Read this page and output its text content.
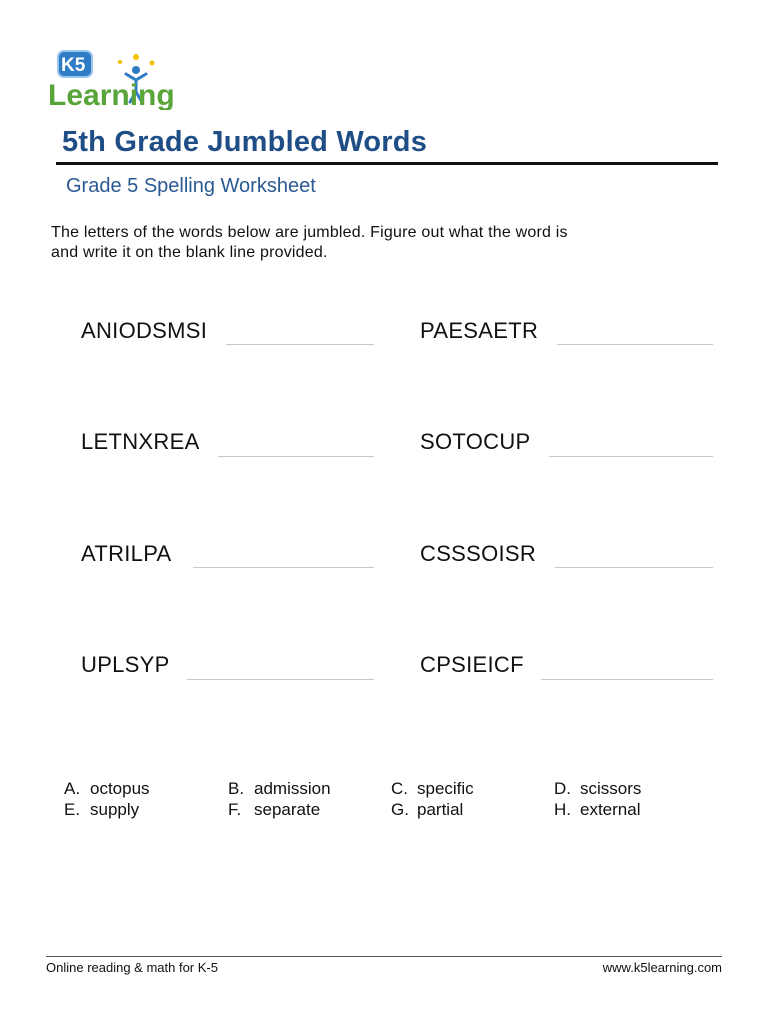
K5
Learning
5th Grade Jumbled Words
Grade 5 Spelling Worksheet
The letters of the words below are jumbled. Figure out what the word is
and write it on the blank line provided.
ANIODSMSI	PAESAETR
LETNXREA	SOTOCUP
ATRILPA	CSSSOISR
UPLSYP	CPSIEICF
A. octopus	B. admission	C. specific	D. scissors
E. supply	F. separate	G. partial	H. external
Online reading & math for K-5	www.k5learning.com
